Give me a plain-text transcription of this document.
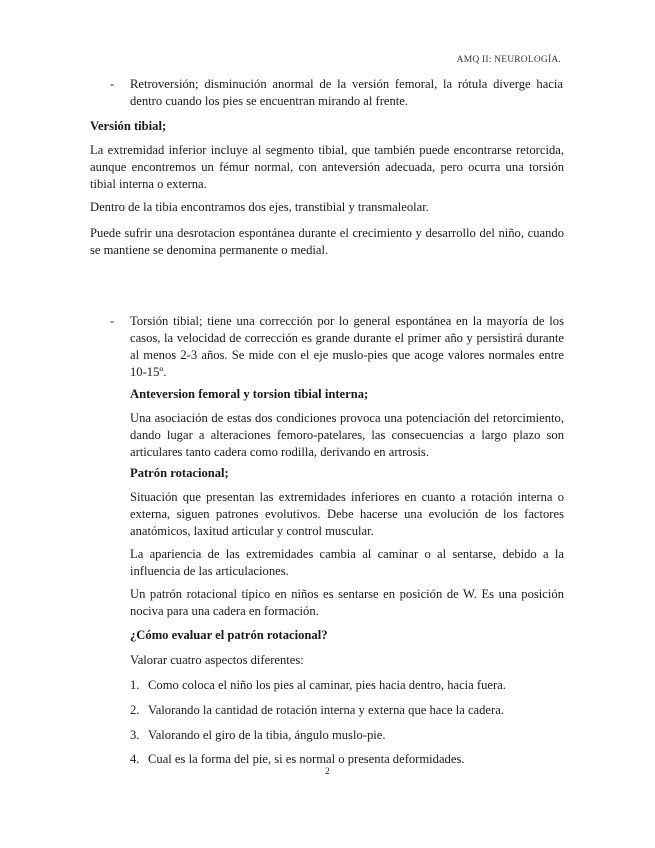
AMQ II: NEUROLOGÍA.
- Retroversión; disminución anormal de la versión femoral, la rótula diverge hacia dentro cuando los pies se encuentran mirando al frente.
Versión tibial;
La extremidad inferior incluye al segmento tibial, que también puede encontrarse retorcida, aunque encontremos un fémur normal, con anteversión adecuada, pero ocurra una torsión tibial interna o externa.
Dentro de la tibia encontramos dos ejes, transtibial y transmaleolar.
Puede sufrir una desrotacion espontánea durante el crecimiento y desarrollo del niño, cuando se mantiene se denomina permanente o medial.
- Torsión tibial; tiene una corrección por lo general espontánea en la mayoría de los casos, la velocidad de corrección es grande durante el primer año y persistirá durante al menos 2-3 años. Se mide con el eje muslo-pies que acoge valores normales entre 10-15º.
Anteversion femoral y torsion tibial interna;
Una asociación de estas dos condiciones provoca una potenciación del retorcimiento, dando lugar a alteraciones femoro-patelares, las consecuencias a largo plazo son articulares tanto cadera como rodilla, derivando en artrosis.
Patrón rotacional;
Situación que presentan las extremidades inferiores en cuanto a rotación interna o externa, siguen patrones evolutivos. Debe hacerse una evolución de los factores anatómicos, laxitud articular y control muscular.
La apariencia de las extremidades cambia al caminar o al sentarse, debido a la influencia de las articulaciones.
Un patrón rotacional típico en niños es sentarse en posición de W. Es una posición nociva para una cadera en formación.
¿Cómo evaluar el patrón rotacional?
Valorar cuatro aspectos diferentes:
1. Como coloca el niño los pies al caminar, pies hacia dentro, hacia fuera.
2. Valorando la cantidad de rotación interna y externa que hace la cadera.
3. Valorando el giro de la tibia, ángulo muslo-pie.
4. Cual es la forma del pie, si es normal o presenta deformidades.
2
